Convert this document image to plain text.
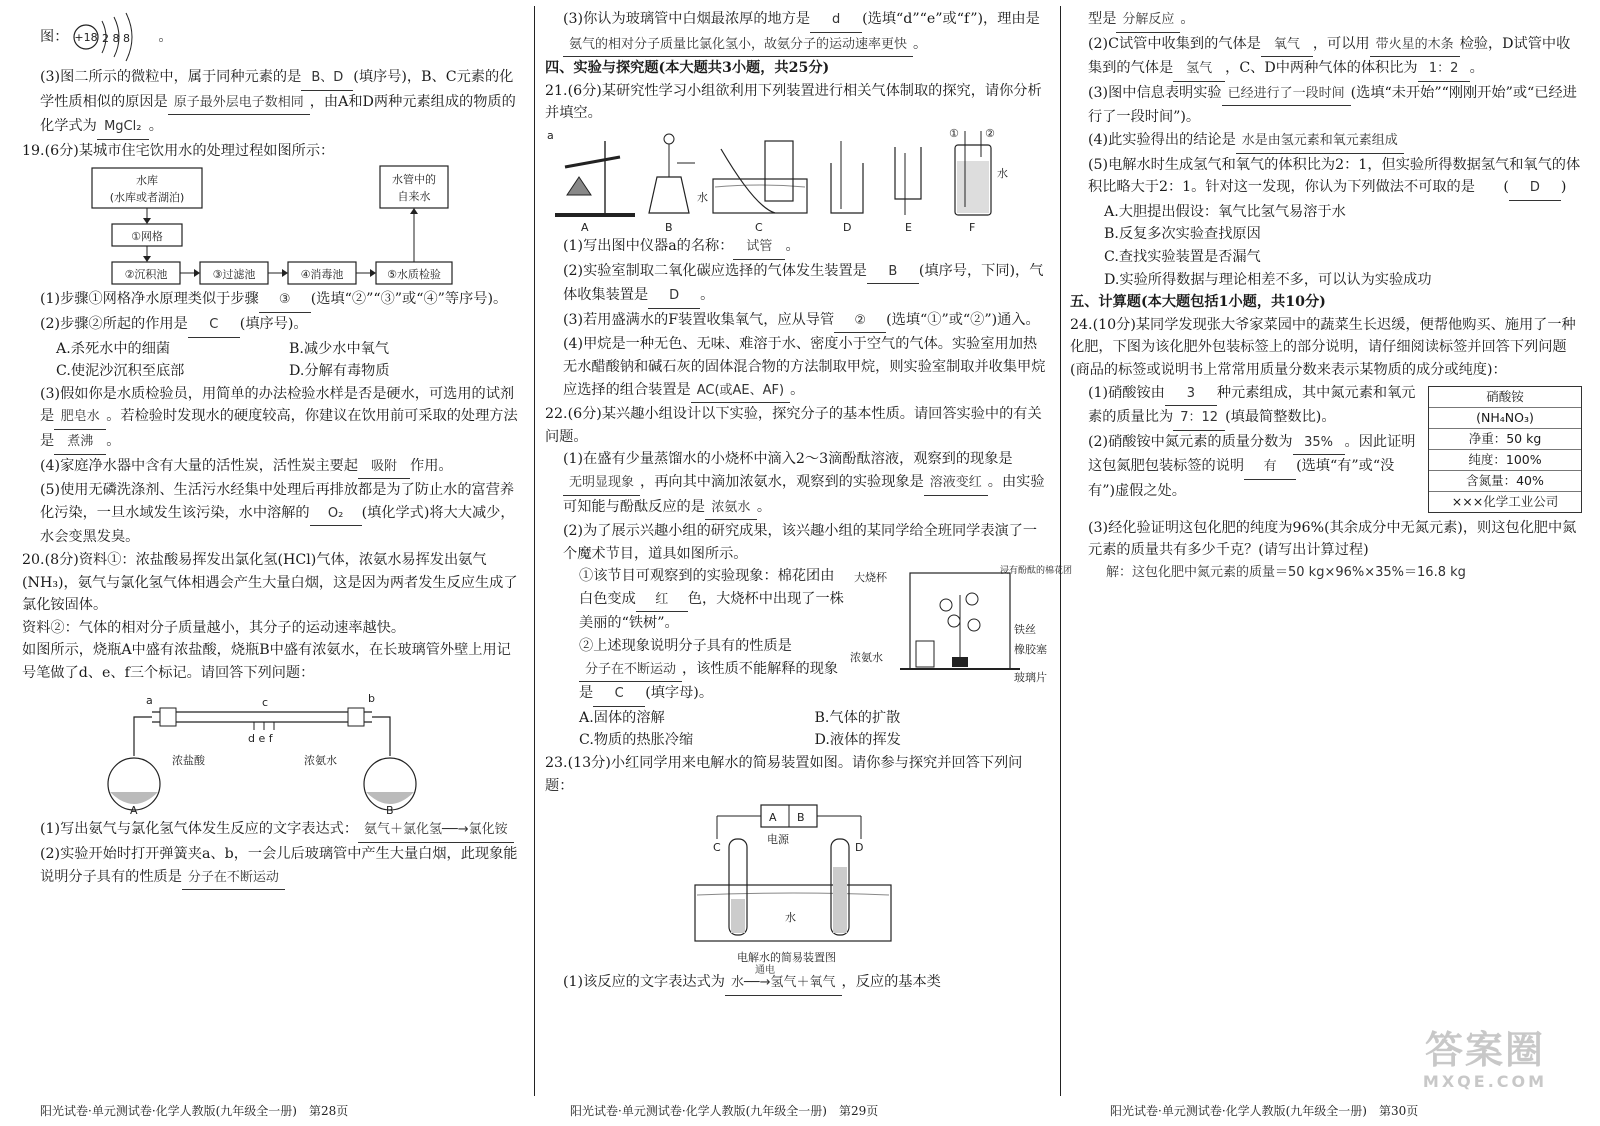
图： +18 2 8 8 。

(3)图二所示的微粒中，属于同种元素的是 B、D (填序号)，B、C元素的化学性质相似的原因是 原子最外层电子数相同 ，由A和D两种元素组成的物质的化学式为 MgCl₂ 。

19.(6分)某城市住宅饮用水的处理过程如图所示：

水库
(水库或者湖泊)
①网格
②沉积池	③过滤池	④消毒池	⑤水质检验
水管中的
自来水

(1)步骤①网格净水原理类似于步骤 ③ (选填“②”“③”或“④”等序号)。

(2)步骤②所起的作用是 C (填序号)。

A.杀死水中的细菌	B.减少水中氧气
C.使泥沙沉积至底部	D.分解有毒物质

(3)假如你是水质检验员，用简单的办法检验水样是否是硬水，可选用的试剂是 肥皂水 。若检验时发现水的硬度较高，你建议在饮用前可采取的处理方法是 煮沸 。

(4)家庭净水器中含有大量的活性炭，活性炭主要起 吸附 作用。

(5)使用无磷洗涤剂、生活污水经集中处理后再排放都是为了防止水的富营养化污染，一旦水域发生该污染，水中溶解的 O₂ (填化学式)将大大减少，水会变黑发臭。

20.(8分)资料①：浓盐酸易挥发出氯化氢(HCl)气体，浓氨水易挥发出氨气(NH₃)，氨气与氯化氢气体相遇会产生大量白烟，这是因为两者发生反应生成了氯化铵固体。

资料②：气体的相对分子质量越小，其分子的运动速率越快。

如图所示，烧瓶A中盛有浓盐酸，烧瓶B中盛有浓氨水，在长玻璃管外壁上用记号笔做了d、e、f三个标记。请回答下列问题：

a	b
c
d e f
浓盐酸	浓氨水
A	B

(1)写出氨气与氯化氢气体发生反应的文字表达式： 氨气＋氯化氢──→氯化铵

(2)实验开始时打开弹簧夹a、b，一会儿后玻璃管中产生大量白烟，此现象能说明分子具有的性质是 分子在不断运动

(3)你认为玻璃管中白烟最浓厚的地方是 d (选填“d”“e”或“f”)，理由是氨气的相对分子质量比氯化氢小，故氨分子的运动速率更快 。

四、实验与探究题(本大题共3小题，共25分)

21.(6分)某研究性学习小组欲利用下列装置进行相关气体制取的探究，请你分析并填空。

a
A	B
水
C	D	E
① ②
水
F

(1)写出图中仪器a的名称： 试管 。

(2)实验室制取二氧化碳应选择的气体发生装置是 B (填序号，下同)，气体收集装置是 D 。

(3)若用盛满水的F装置收集氧气，应从导管 ② (选填“①”或“②”)通入。

(4)甲烷是一种无色、无味、难溶于水、密度小于空气的气体。实验室用加热无水醋酸钠和碱石灰的固体混合物的方法制取甲烷，则实验室制取并收集甲烷应选择的组合装置是 AC(或AE、AF) 。

22.(6分)某兴趣小组设计以下实验，探究分子的基本性质。请回答实验中的有关问题。

(1)在盛有少量蒸馏水的小烧杯中滴入2～3滴酚酞溶液，观察到的现象是无明显现象 ，再向其中滴加浓氨水，观察到的实验现象是 溶液变红 。由实验可知能与酚酞反应的是 浓氨水 。

(2)为了展示兴趣小组的研究成果，该兴趣小组的某同学给全班同学表演了一个魔术节目，道具如图所示。

大烧杯
浓氨水
浸有酚酞的棉花团
铁丝
橡胶塞
玻璃片

①该节目可观察到的实验现象：棉花团由白色变成 红 色，大烧杯中出现了一株美丽的“铁树”。

②上述现象说明分子具有的性质是分子在不断运动 ，该性质不能解释的现象是 C (填字母)。

A.固体的溶解	B.气体的扩散
C.物质的热胀冷缩	D.液体的挥发

23.(13分)小红同学用来电解水的简易装置如图。请你参与探究并回答下列问题：

A B
电源
C	D
水
电解水的简易装置图

(1)该反应的文字表达式为
通电
水──→氢气＋氧气 ，反应的基本类

型是 分解反应 。

(2)C试管中收集到的气体是 氧气 ，可以用 带火星的木条 检验，D试管中收集到的气体是 氢气 ，C、D中两种气体的体积比为 1：2 。

(3)图中信息表明实验 已经进行了一段时间 (选填“未开始”“刚刚开始”或“已经进行了一段时间”)。

(4)此实验得出的结论是 水是由氢元素和氧元素组成

(5)电解水时生成氢气和氧气的体积比为2：1，但实验所得数据氢气和氧气的体积比略大于2：1。针对这一发现，你认为下列做法不可取的是　　( D )

A.大胆提出假设：氧气比氢气易溶于水

B.反复多次实验查找原因

C.查找实验装置是否漏气

D.实验所得数据与理论相差不多，可以认为实验成功

五、计算题(本大题包括1小题，共10分)

24.(10分)某同学发现张大爷家菜园中的蔬菜生长迟缓，便帮他购买、施用了一种化肥，下图为该化肥外包装标签上的部分说明，请仔细阅读标签并回答下列问题(商品的标签或说明书上常常用质量分数来表示某物质的成分或纯度)：

硝酸铵
(NH₄NO₃)
净重：50 kg
纯度：100%
含氮量：40%
×××化学工业公司

(1)硝酸铵由 3 种元素组成，其中氮元素和氧元素的质量比为 7：12 (填最简整数比)。

(2)硝酸铵中氮元素的质量分数为 35% 。因此证明这包氮肥包装标签的说明 有 (选填“有”或“没有”)虚假之处。

(3)经化验证明这包化肥的纯度为96%(其余成分中无氮元素)，则这包化肥中氮元素的质量共有多少千克？(请写出计算过程)

解：这包化肥中氮元素的质量＝50 kg×96%×35%＝16.8 kg

答案圈
MXQE.COM
阳光试卷·单元测试卷·化学人教版(九年级全一册)　第28页	阳光试卷·单元测试卷·化学人教版(九年级全一册)　第29页	阳光试卷·单元测试卷·化学人教版(九年级全一册)　第30页
